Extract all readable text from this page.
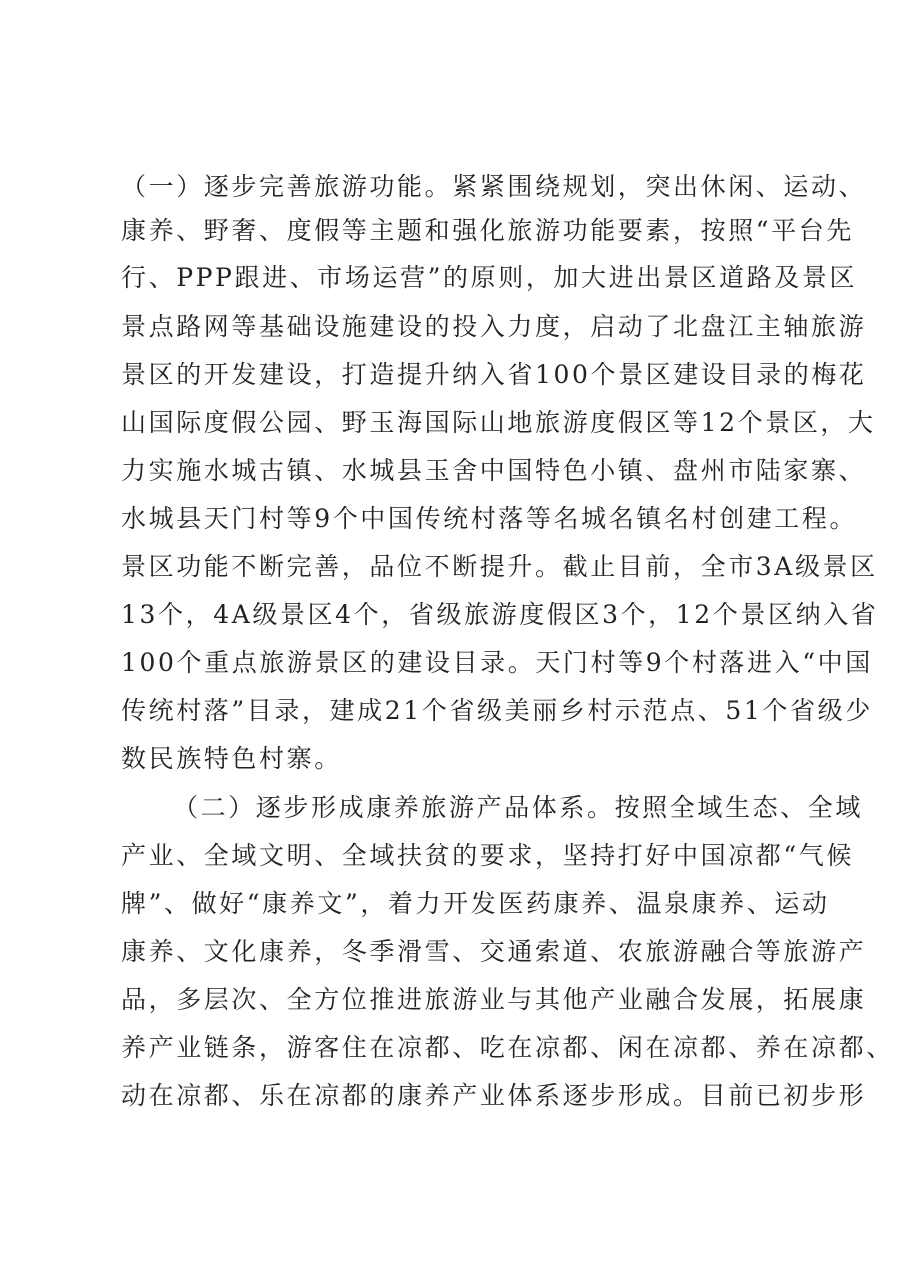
（一）逐步完善旅游功能。紧紧围绕规划，突出休闲、运动、
康养、野奢、度假等主题和强化旅游功能要素，按照“平台先
行、PPP跟进、市场运营”的原则，加大进出景区道路及景区
景点路网等基础设施建设的投入力度，启动了北盘江主轴旅游
景区的开发建设，打造提升纳入省100个景区建设目录的梅花
山国际度假公园、野玉海国际山地旅游度假区等12个景区，大
力实施水城古镇、水城县玉舍中国特色小镇、盘州市陆家寨、
水城县天门村等9个中国传统村落等名城名镇名村创建工程。
景区功能不断完善，品位不断提升。截止目前，全市3A级景区
13个，4A级景区4个，省级旅游度假区3个，12个景区纳入省
100个重点旅游景区的建设目录。天门村等9个村落进入“中国
传统村落”目录，建成21个省级美丽乡村示范点、51个省级少
数民族特色村寨。
（二）逐步形成康养旅游产品体系。按照全域生态、全域
产业、全域文明、全域扶贫的要求，坚持打好中国凉都“气候
牌”、做好“康养文”，着力开发医药康养、温泉康养、运动
康养、文化康养，冬季滑雪、交通索道、农旅游融合等旅游产
品，多层次、全方位推进旅游业与其他产业融合发展，拓展康
养产业链条，游客住在凉都、吃在凉都、闲在凉都、养在凉都、
动在凉都、乐在凉都的康养产业体系逐步形成。目前已初步形
